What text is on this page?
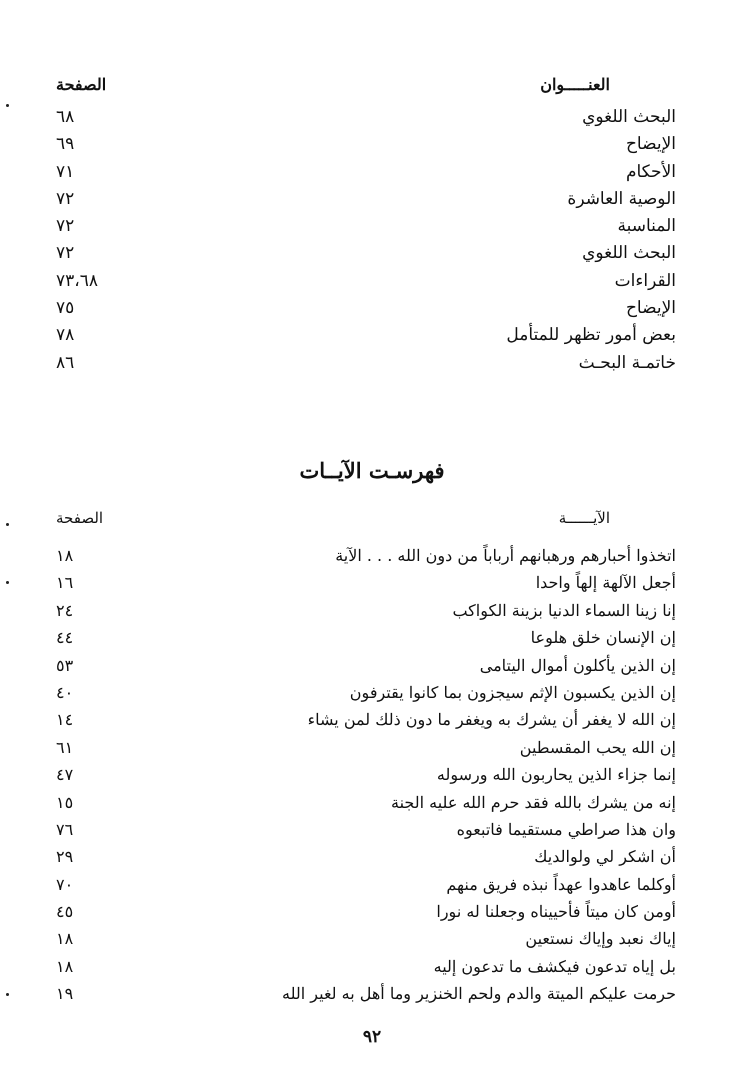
العنـــــوان
الصفحة
البحث اللغوي
٦٨
الإيضاح
٦٩
الأحكام
٧١
الوصية العاشرة
٧٢
المناسبة
٧٢
البحث اللغوي
٧٢
القراءات
٧٣،٦٨
الإيضاح
٧٥
بعض أمور تظهر للمتأمل
٧٨
خاتمـة البحـث
٨٦
فهرسـت الآيــات
الآيــــــة
الصفحة
اتخذوا أحبارهم ورهبانهم أرباباً من دون الله . . . الآية
١٨
أجعل الآلهة إلهاً واحدا
١٦
إنا زينا السماء الدنيا بزينة الكواكب
٢٤
إن الإنسان خلق هلوعا
٤٤
إن الذين يأكلون أموال اليتامى
٥٣
إن الذين يكسبون الإثم سيجزون بما كانوا يقترفون
٤٠
إن الله لا يغفر أن يشرك به ويغفر ما دون ذلك لمن يشاء
١٤
إن الله يحب المقسطين
٦١
إنما جزاء الذين يحاربون الله ورسوله
٤٧
إنه من يشرك بالله فقد حرم الله عليه الجنة
١٥
وان هذا صراطي مستقيما فاتبعوه
٧٦
أن اشكر لي ولوالديك
٢٩
أوكلما عاهدوا عهداً نبذه فريق منهم
٧٠
أومن كان ميتاً فأحييناه وجعلنا له نورا
٤٥
إياك نعبد وإياك نستعين
١٨
بل إياه تدعون فيكشف ما تدعون إليه
١٨
حرمت عليكم الميتة والدم ولحم الخنزير وما أهل به لغير الله
١٩
٩٢
